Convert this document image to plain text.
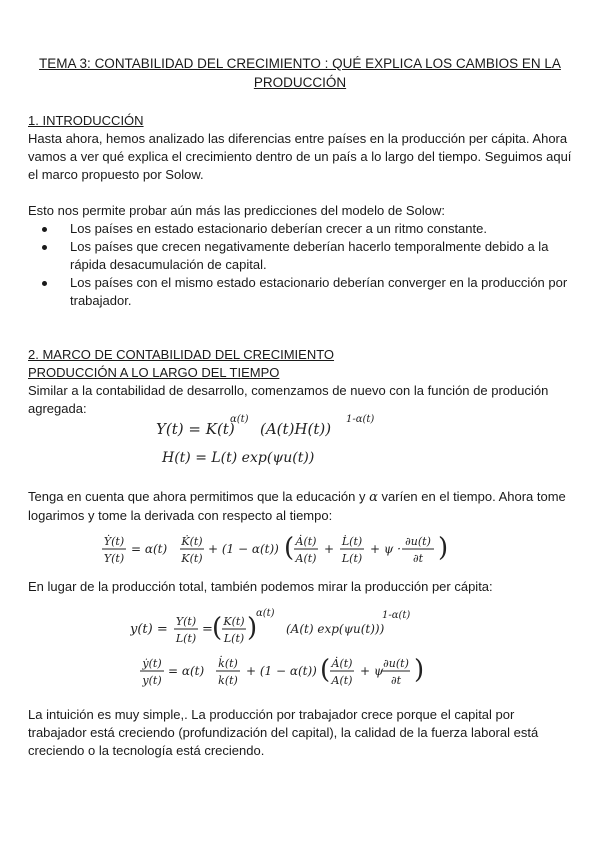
TEMA 3: CONTABILIDAD DEL CRECIMIENTO : QUÉ EXPLICA LOS CAMBIOS EN LA
PRODUCCIÓN
1. INTRODUCCIÓN

Hasta ahora, hemos analizado las diferencias entre países en la producción per cápita. Ahora vamos a ver qué explica el crecimiento dentro de un país a lo largo del tiempo. Seguimos aquí el marco propuesto por Solow.

Esto nos permite probar aún más las predicciones del modelo de Solow:

Los países en estado estacionario deberían crecer a un ritmo constante.
Los países que crecen negativamente deberían hacerlo temporalmente debido a la rápida desacumulación de capital.
Los países con el mismo estado estacionario deberían converger en la producción por trabajador.
2. MARCO DE CONTABILIDAD DEL CRECIMIENTO
PRODUCCIÓN A LO LARGO DEL TIEMPO

Similar a la contabilidad de desarrollo, comenzamos de nuevo con la función de produción agregada:

Y(t) = K(t)
α(t)
(A(t)H(t))
1-α(t)
H(t) = L(t) exp(ψu(t))

Tenga en cuenta que ahora permitimos que la educación y α varíen en el tiempo. Ahora tome logarimos y tome la derivada con respecto al tiempo:

Ẏ(t)
Y(t)
= α(t)
K̇(t)
K(t)
+ (1 − α(t)) ( Ȧ(t)
A(t)
+
L̇(t)
L(t)
+ ψ ·
∂u(t)
∂t )

En lugar de la producción total, también podemos mirar la producción per cápita:

y(t) =
Y(t)
L(t)
= ( K(t)
L(t) )
α(t)
(A(t) exp(ψu(t)))
1-α(t)
ẏ(t)
y(t)
= α(t)
k̇(t)
k(t)
+ (1 − α(t)) ( Ȧ(t)
A(t)
+ ψ
∂u(t)
∂t )

La intuición es muy simple,. La producción por trabajador crece porque el capital por trabajador está creciendo (profundización del capital), la calidad de la fuerza laboral está creciendo o la tecnología está creciendo.
